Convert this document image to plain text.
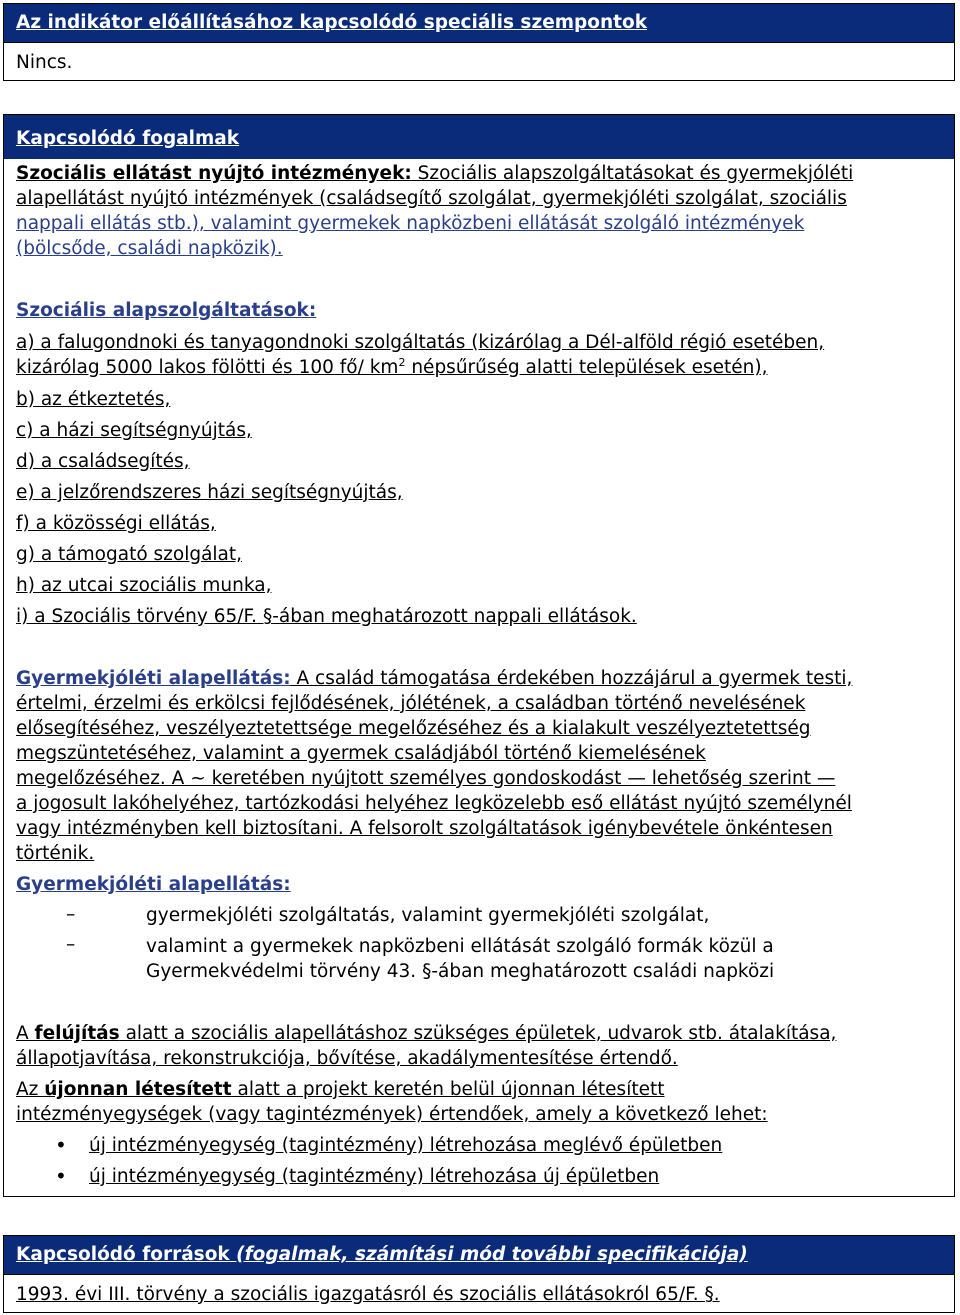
Az indikátor előállításához kapcsolódó speciális szempontok
Nincs.
Kapcsolódó fogalmak
Szociális ellátást nyújtó intézmények: Szociális alapszolgáltatásokat és gyermekjóléti
alapellátást nyújtó intézmények (családsegítő szolgálat, gyermekjóléti szolgálat, szociális
nappali ellátás stb.), valamint gyermekek napközbeni ellátását szolgáló intézmények
(bölcsőde, családi napközik).
Szociális alapszolgáltatások:
a) a falugondnoki és tanyagondnoki szolgáltatás (kizárólag a Dél-alföld régió esetében,
kizárólag 5000 lakos fölötti és 100 fő/ $km^2$ népsűrűség alatti települések esetén),
b) az étkeztetés,
c) a házi segítségnyújtás,
d) a családsegítés,
e) a jelzőrendszeres házi segítségnyújtás,
f) a közösségi ellátás,
g) a támogató szolgálat,
h) az utcai szociális munka,
i) a Szociális törvény 65/F. §-ában meghatározott nappali ellátások.
Gyermekjóléti alapellátás: A család támogatása érdekében hozzájárul a gyermek testi,
értelmi, érzelmi és erkölcsi fejlődésének, jólétének, a családban történő nevelésének
elősegítéséhez, veszélyeztetettsége megelőzéséhez és a kialakult veszélyeztetettség
megszüntetéséhez, valamint a gyermek családjából történő kiemelésének
megelőzéséhez. A ~ keretében nyújtott személyes gondoskodást — lehetőség szerint —
a jogosult lakóhelyéhez, tartózkodási helyéhez legközelebb eső ellátást nyújtó személynél
vagy intézményben kell biztosítani. A felsorolt szolgáltatások igénybevétele önkéntesen
történik.
Gyermekjóléti alapellátás:
–	gyermekjóléti szolgáltatás, valamint gyermekjóléti szolgálat,
–	valamint a gyermekek napközbeni ellátását szolgáló formák közül a
Gyermekvédelmi törvény 43. §-ában meghatározott családi napközi
A felújítás alatt a szociális alapellátáshoz szükséges épületek, udvarok stb. átalakítása,
állapotjavítása, rekonstrukciója, bővítése, akadálymentesítése értendő.
Az újonnan létesített alatt a projekt keretén belül újonnan létesített
intézményegységek (vagy tagintézmények) értendőek, amely a következő lehet:
• új intézményegység (tagintézmény) létrehozása meglévő épületben
• új intézményegység (tagintézmény) létrehozása új épületben
Kapcsolódó források (fogalmak, számítási mód további specifikációja)
1993. évi III. törvény a szociális igazgatásról és szociális ellátásokról 65/F. §.
